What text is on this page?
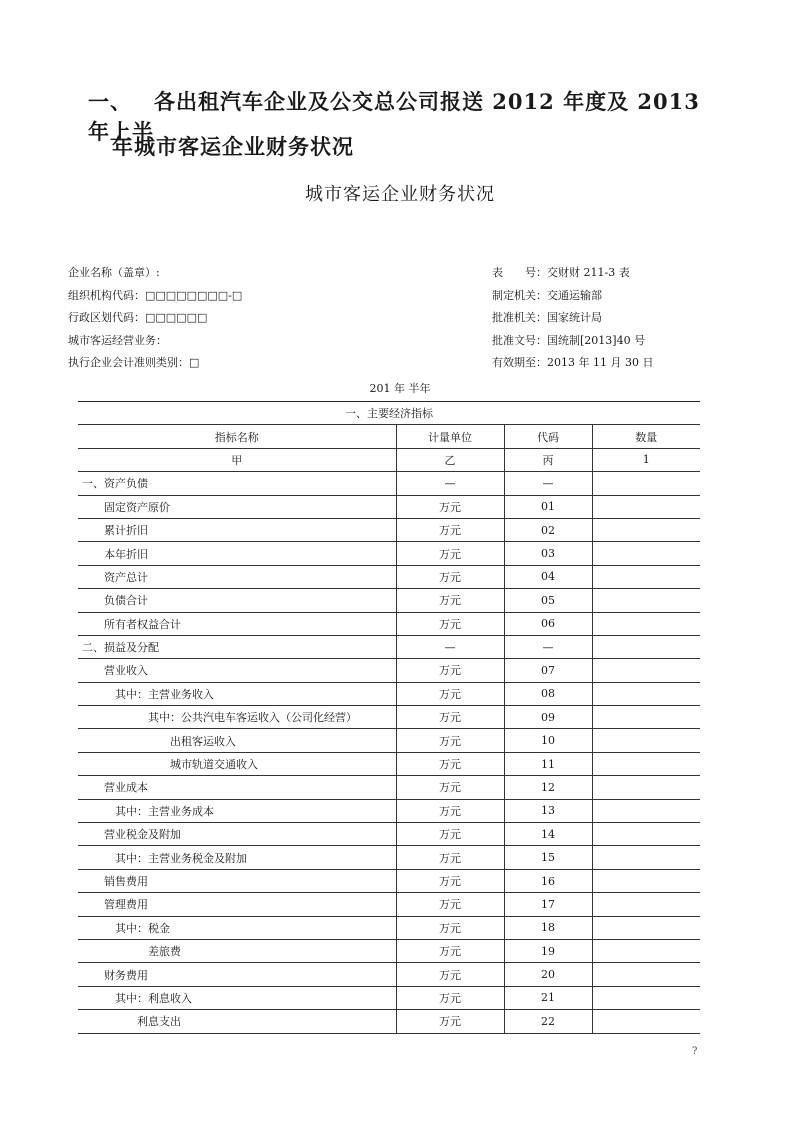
一、 各出租汽车企业及公交总公司报送 2012 年度及 2013 年上半
年城市客运企业财务状况
城市客运企业财务状况
企业名称（盖章）:
组织机构代码：□□□□□□□□-□
行政区划代码：□□□□□□
城市客运经营业务：
执行企业会计准则类别：□
表　　号：交财财 211-3 表
制定机关：交通运输部
批准机关：国家统计局
批准文号：国统制[2013]40 号
有效期至：2013 年 11 月 30 日
201 年 半年
一、主要经济指标			
指标名称	计量单位	代码	数量
甲	乙	丙	1
一、资产负债	—	—	
固定资产原价	万元	01	
累计折旧	万元	02	
本年折旧	万元	03	
资产总计	万元	04	
负债合计	万元	05	
所有者权益合计	万元	06	
二、损益及分配	—	—	
营业收入	万元	07	
其中：主营业务收入	万元	08	
其中：公共汽电车客运收入（公司化经营）	万元	09	
出租客运收入	万元	10	
城市轨道交通收入	万元	11	
营业成本	万元	12	
其中：主营业务成本	万元	13	
营业税金及附加	万元	14	
其中：主营业务税金及附加	万元	15	
销售费用	万元	16	
管理费用	万元	17	
其中：税金	万元	18	
差旅费	万元	19	
财务费用	万元	20	
其中：利息收入	万元	21	
利息支出	万元	22	
?
